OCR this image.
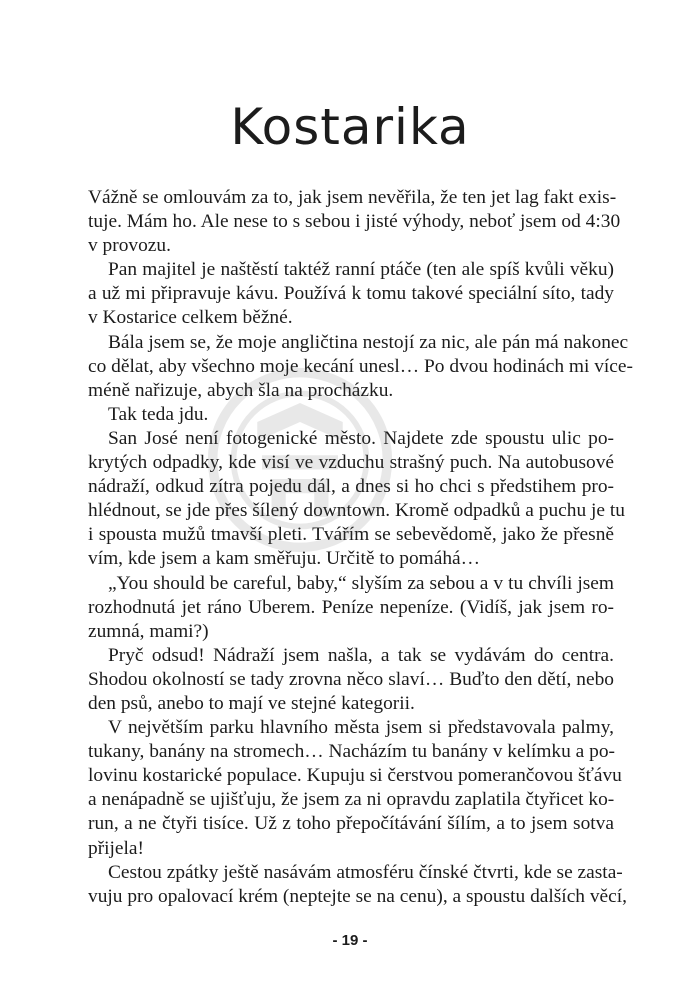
Kostarika
Vážně se omlouvám za to, jak jsem nevěřila, že ten jet lag fakt exis-
tuje. Mám ho. Ale nese to s sebou i jisté výhody, neboť jsem od 4:30
v provozu.
Pan majitel je naštěstí taktéž ranní ptáče (ten ale spíš kvůli věku)
a už mi připravuje kávu. Používá k tomu takové speciální síto, tady
v Kostarice celkem běžné.
Bála jsem se, že moje angličtina nestojí za nic, ale pán má nakonec
co dělat, aby všechno moje kecání unesl… Po dvou hodinách mi více-
méně nařizuje, abych šla na procházku.
Tak teda jdu.
San José není fotogenické město. Najdete zde spoustu ulic po-
krytých odpadky, kde visí ve vzduchu strašný puch. Na autobusové
nádraží, odkud zítra pojedu dál, a dnes si ho chci s předstihem pro-
hlédnout, se jde přes šílený downtown. Kromě odpadků a puchu je tu
i spousta mužů tmavší pleti. Tvářím se sebevědomě, jako že přesně
vím, kde jsem a kam směřuju. Určitě to pomáhá…
„You should be careful, baby,“ slyším za sebou a v tu chvíli jsem
rozhodnutá jet ráno Uberem. Peníze nepeníze. (Vidíš, jak jsem ro-
zumná, mami?)
Pryč odsud! Nádraží jsem našla, a tak se vydávám do centra.
Shodou okolností se tady zrovna něco slaví… Buďto den dětí, nebo
den psů, anebo to mají ve stejné kategorii.
V největším parku hlavního města jsem si představovala palmy,
tukany, banány na stromech… Nacházím tu banány v kelímku a po-
lovinu kostarické populace. Kupuju si čerstvou pomerančovou šťávu
a nenápadně se ujišťuju, že jsem za ni opravdu zaplatila čtyřicet ko-
run, a ne čtyři tisíce. Už z toho přepočítávání šílím, a to jsem sotva
přijela!
Cestou zpátky ještě nasávám atmosféru čínské čtvrti, kde se zasta-
vuju pro opalovací krém (neptejte se na cenu), a spoustu dalších věcí,
- 19 -
